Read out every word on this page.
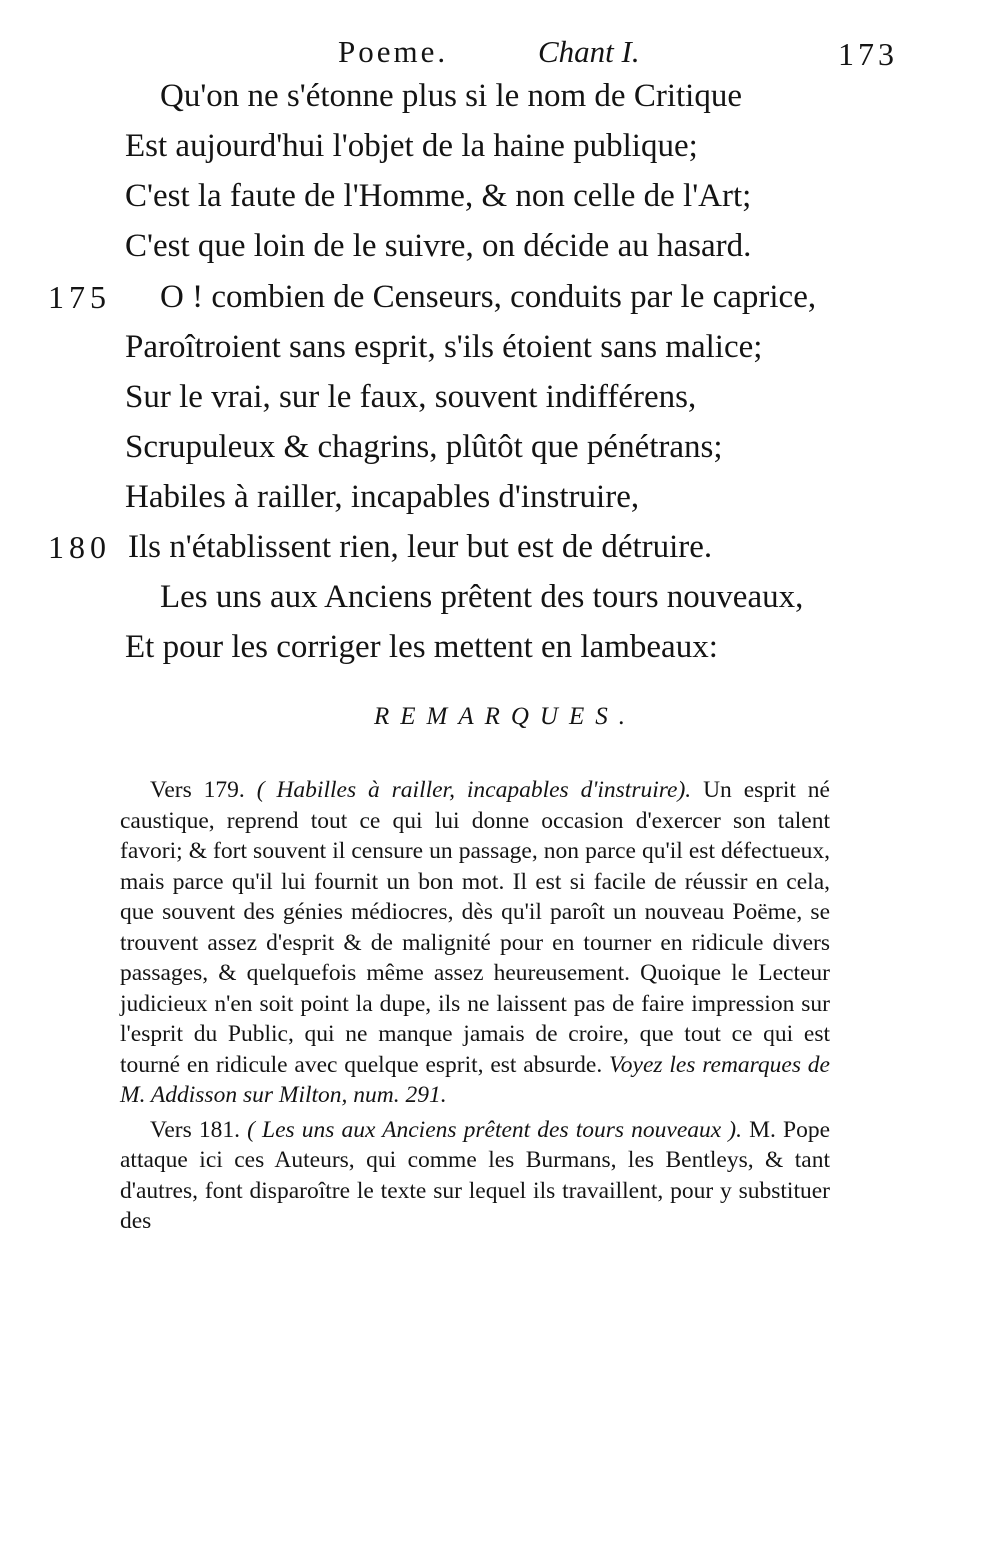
Poeme.	Chant I.	173
Qu'on ne s'étonne plus si le nom de Critique
Est aujourd'hui l'objet de la haine publique;
C'est la faute de l'Homme, & non celle de l'Art;
C'est que loin de le suivre, on décide au hasard.
175 O ! combien de Censeurs, conduits par le caprice,
Paroîtroient sans esprit, s'ils étoient sans malice;
Sur le vrai, sur le faux, souvent indifférens,
Scrupuleux & chagrins, plûtôt que pénétrans;
Habiles à railler, incapables d'instruire,
180 Ils n'établissent rien, leur but est de détruire.
Les uns aux Anciens prêtent des tours nouveaux,
Et pour les corriger les mettent en lambeaux:
REMARQUES.

Vers 179. ( Habilles à railler, incapables d'instruire). Un esprit né caustique, reprend tout ce qui lui donne occasion d'exercer son talent favori; & fort souvent il censure un passage, non parce qu'il est défectueux, mais parce qu'il lui fournit un bon mot. Il est si facile de réussir en cela, que souvent des génies médiocres, dès qu'il paroît un nouveau Poëme, se trouvent assez d'esprit & de malignité pour en tourner en ridicule divers passages, & quelquefois même assez heureusement. Quoique le Lecteur judicieux n'en soit point la dupe, ils ne laissent pas de faire impression sur l'esprit du Public, qui ne manque jamais de croire, que tout ce qui est tourné en ridicule avec quelque esprit, est absurde. Voyez les remarques de M. Addisson sur Milton, num. 291.

Vers 181. ( Les uns aux Anciens prêtent des tours nouveaux ). M. Pope attaque ici ces Auteurs, qui comme les Burmans, les Bentleys, & tant d'autres, font disparoître le texte sur lequel ils travaillent, pour y substituer des
